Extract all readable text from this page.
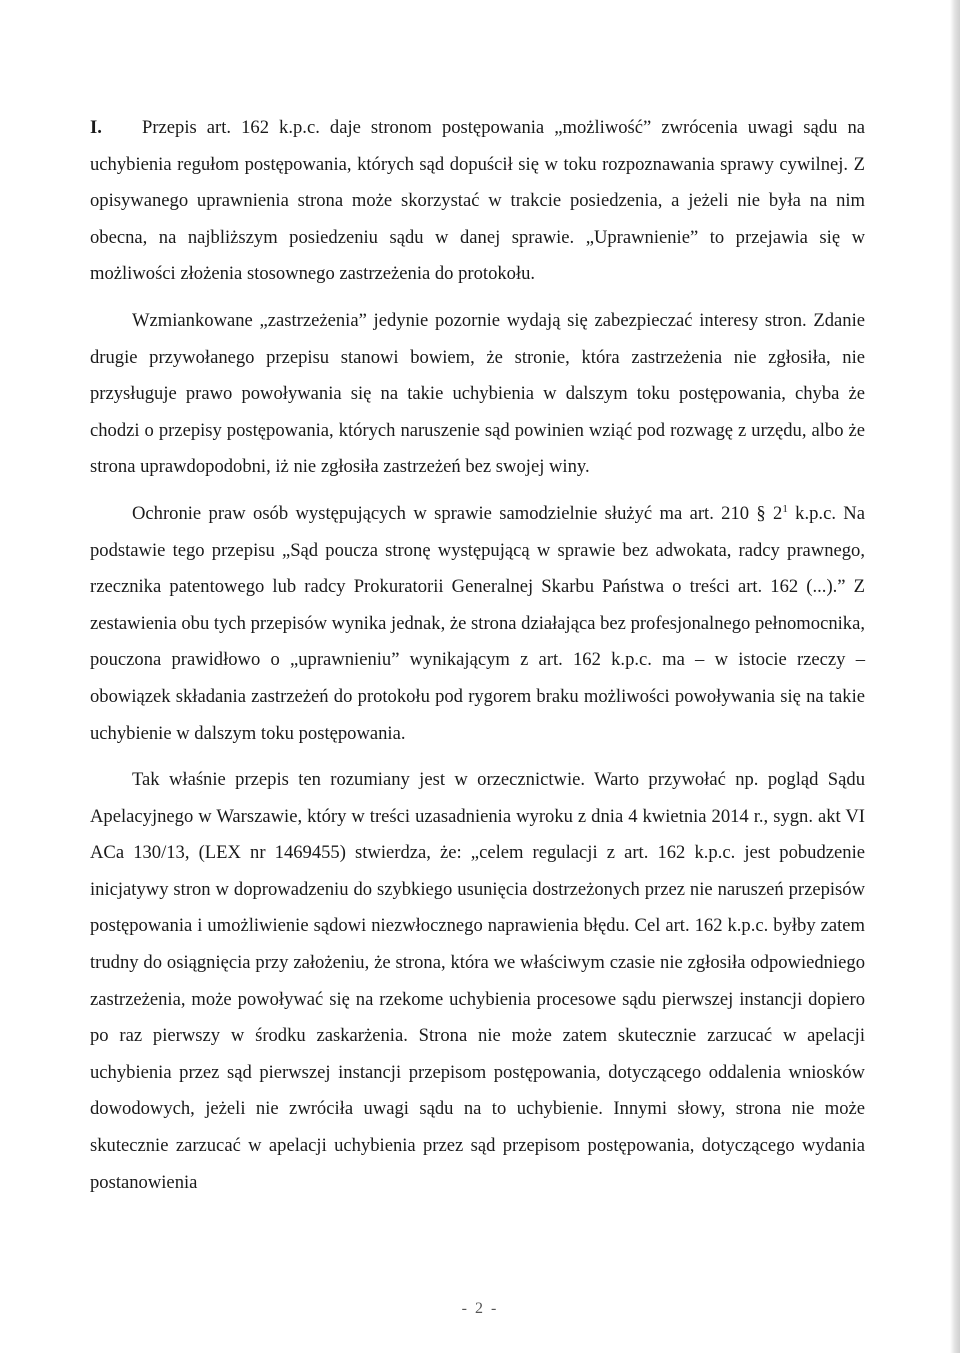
I. Przepis art. 162 k.p.c. daje stronom postępowania „możliwość” zwrócenia uwagi sądu na uchybienia regułom postępowania, których sąd dopuścił się w toku rozpoznawania sprawy cywilnej. Z opisywanego uprawnienia strona może skorzystać w trakcie posiedzenia, a jeżeli nie była na nim obecna, na najbliższym posiedzeniu sądu w danej sprawie. „Uprawnienie” to przejawia się w możliwości złożenia stosownego zastrzeżenia do protokołu.

Wzmiankowane „zastrzeżenia” jedynie pozornie wydają się zabezpieczać interesy stron. Zdanie drugie przywołanego przepisu stanowi bowiem, że stronie, która zastrzeżenia nie zgłosiła, nie przysługuje prawo powoływania się na takie uchybienia w dalszym toku postępowania, chyba że chodzi o przepisy postępowania, których naruszenie sąd powinien wziąć pod rozwagę z urzędu, albo że strona uprawdopodobni, iż nie zgłosiła zastrzeżeń bez swojej winy.

Ochronie praw osób występujących w sprawie samodzielnie służyć ma art. 210 § $2^1$ k.p.c. Na podstawie tego przepisu „Sąd poucza stronę występującą w sprawie bez adwokata, radcy prawnego, rzecznika patentowego lub radcy Prokuratorii Generalnej Skarbu Państwa o treści art. 162 (...).” Z zestawienia obu tych przepisów wynika jednak, że strona działająca bez profesjonalnego pełnomocnika, pouczona prawidłowo o „uprawnieniu” wynikającym z art. 162 k.p.c. ma – w istocie rzeczy – obowiązek składania zastrzeżeń do protokołu pod rygorem braku możliwości powoływania się na takie uchybienie w dalszym toku postępowania.

Tak właśnie przepis ten rozumiany jest w orzecznictwie. Warto przywołać np. pogląd Sądu Apelacyjnego w Warszawie, który w treści uzasadnienia wyroku z dnia 4 kwietnia 2014 r., sygn. akt VI ACa 130/13, (LEX nr 1469455) stwierdza, że: „celem regulacji z art. 162 k.p.c. jest pobudzenie inicjatywy stron w doprowadzeniu do szybkiego usunięcia dostrzeżonych przez nie naruszeń przepisów postępowania i umożliwienie sądowi niezwłocznego naprawienia błędu. Cel art. 162 k.p.c. byłby zatem trudny do osiągnięcia przy założeniu, że strona, która we właściwym czasie nie zgłosiła odpowiedniego zastrzeżenia, może powoływać się na rzekome uchybienia procesowe sądu pierwszej instancji dopiero po raz pierwszy w środku zaskarżenia. Strona nie może zatem skutecznie zarzucać w apelacji uchybienia przez sąd pierwszej instancji przepisom postępowania, dotyczącego oddalenia wniosków dowodowych, jeżeli nie zwróciła uwagi sądu na to uchybienie. Innymi słowy, strona nie może skutecznie zarzucać w apelacji uchybienia przez sąd przepisom postępowania, dotyczącego wydania postanowienia

- 2 -
